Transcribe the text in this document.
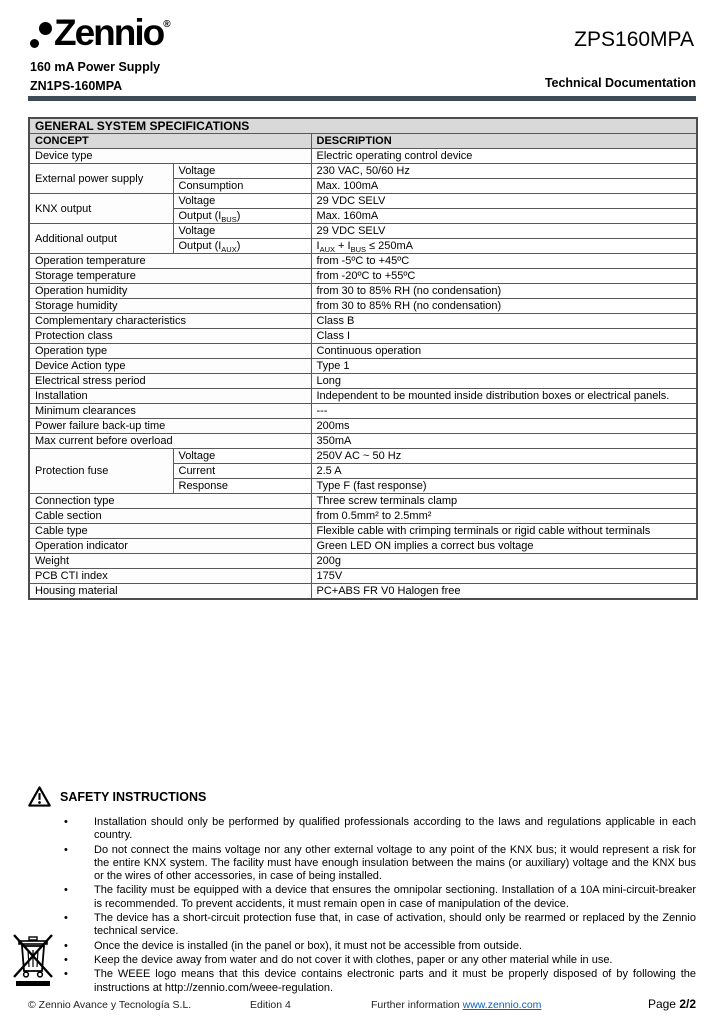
Zennio®
160 mA Power Supply
ZN1PS-160MPA
ZPS160MPA
Technical Documentation
GENERAL SYSTEM SPECIFICATIONS		
CONCEPT		DESCRIPTION
Device type		Electric operating control device
External power supply	Voltage	230 VAC, 50/60 Hz
	Consumption	Max. 100mA
KNX output	Voltage	29 VDC SELV
	Output $(I_{BUS})$	Max. 160mA
Additional output	Voltage	29 VDC SELV
	Output $(I_{AUX})$	$I_{AUX} + I_{BUS} \le 250mA$
Operation temperature		from -5ºC to +45ºC
Storage temperature		from -20ºC to +55ºC
Operation humidity		from 30 to 85% RH (no condensation)
Storage humidity		from 30 to 85% RH (no condensation)
Complementary characteristics		Class B
Protection class		Class I
Operation type		Continuous operation
Device Action type		Type 1
Electrical stress period		Long
Installation		Independent to be mounted inside distribution boxes or electrical panels.
Minimum clearances		---
Power failure back-up time		200ms
Max current before overload		350mA
Protection fuse	Voltage	250V AC ~ 50 Hz
	Current	2.5 A
	Response	Type F (fast response)
Connection type		Three screw terminals clamp
Cable section		from 0.5mm² to 2.5mm²
Cable type		Flexible cable with crimping terminals or rigid cable without terminals
Operation indicator		Green LED ON implies a correct bus voltage
Weight		200g
PCB CTI index		175V
Housing material		PC+ABS FR V0 Halogen free
SAFETY INSTRUCTIONS
•	Installation should only be performed by qualified professionals according to the laws and regulations applicable in each country.
•	Do not connect the mains voltage nor any other external voltage to any point of the KNX bus; it would represent a risk for the entire KNX system. The facility must have enough insulation between the mains (or auxiliary) voltage and the KNX bus or the wires of other accessories, in case of being installed.
•	The facility must be equipped with a device that ensures the omnipolar sectioning. Installation of a 10A mini-circuit-breaker is recommended. To prevent accidents, it must remain open in case of manipulation of the device.
•	The device has a short-circuit protection fuse that, in case of activation, should only be rearmed or replaced by the Zennio technical service.
•	Once the device is installed (in the panel or box), it must not be accessible from outside.
•	Keep the device away from water and do not cover it with clothes, paper or any other material while in use.
•	The WEEE logo means that this device contains electronic parts and it must be properly disposed of by following the instructions at http://zennio.com/weee-regulation.
© Zennio Avance y Tecnología S.L.	Edition 4	Further information www.zennio.com	Page 2/2
